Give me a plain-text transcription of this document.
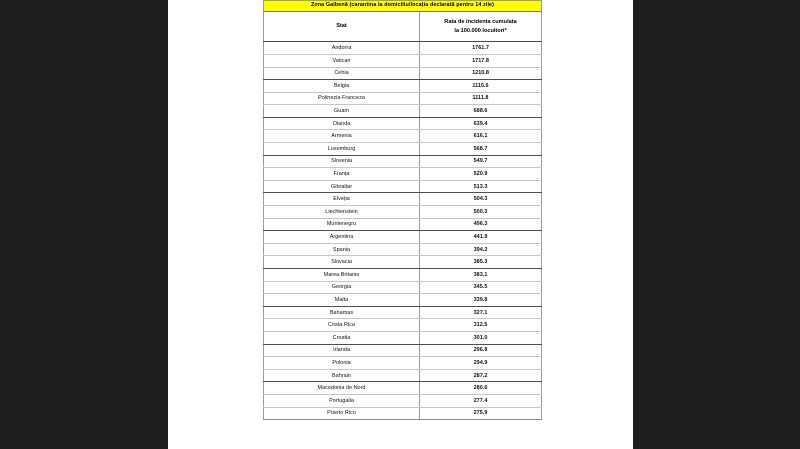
Zona Galbenă (carantina la domiciliu/locația declarată pentru 14 zile)	
Stat	Rata de incidenta cumulata
la 100.000 locuitori*
Andorra	1761.7
Vatican	1717.8
Cehia	1210.8
Belgia	1115.6
Polinezia Franceza	1111.8
Guam	688.6
Olanda	639.4
Armenia	616.1
Luxemburg	568.7
Slovenia	549.7
Franța	520.9
Gibraltar	513.3
Elveția	504.3
Liechtenstein	500.3
Muntenegru	496.3
Argentina	441.9
Spania	394.2
Slovacia	385.3
Marea Britanie	383.1
Georgia	345.5
Malta	339.8
Bahamas	327.1
Costa Rica	312.5
Croatia	301.0
Irlanda	296.8
Polonia	294.9
Bahrain	287.2
Macedonia de Nord	280.6
Portugalia	277.4
Puerto Rico	275.9
